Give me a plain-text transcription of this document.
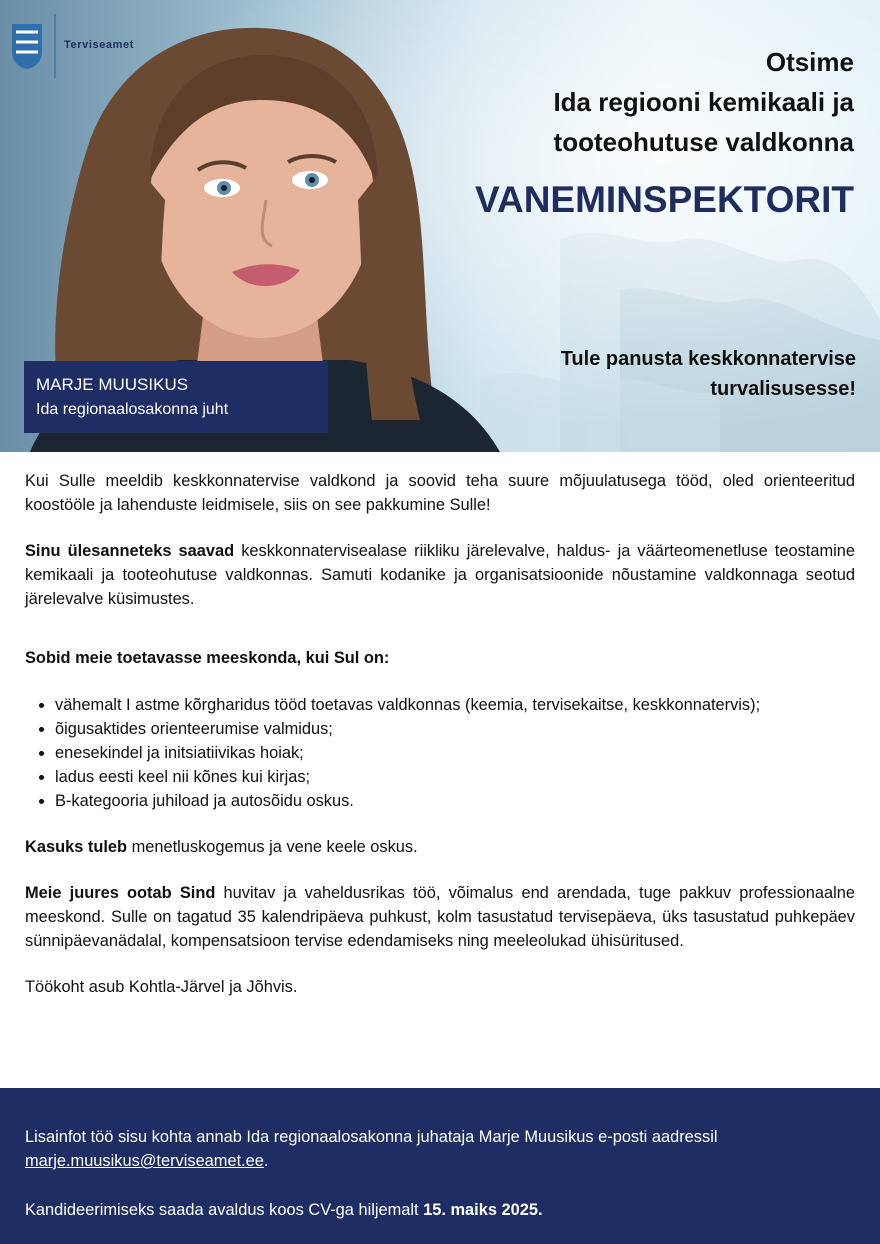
Terviseamet
Otsime
Ida regiooni kemikaali ja
tooteohutuse valdkonna
VANEMINSPEKTORIT
Tule panusta keskkonnatervise
turvalisusesse!
MARJE MUUSIKUS
Ida regionaalosakonna juht

Kui Sulle meeldib keskkonnatervise valdkond ja soovid teha suure mõjuulatusega tööd, oled orienteeritud koostööle ja lahenduste leidmisele, siis on see pakkumine Sulle!

Sinu ülesanneteks saavad keskkonnatervisealase riikliku järelevalve, haldus- ja väärteomenetluse teostamine kemikaali ja tooteohutuse valdkonnas. Samuti kodanike ja organisatsioonide nõustamine valdkonnaga seotud järelevalve küsimustes.

Sobid meie toetavasse meeskonda, kui Sul on:

• vähemalt I astme kõrgharidus tööd toetavas valdkonnas (keemia, tervisekaitse, keskkonnatervis);
• õigusaktides orienteerumise valmidus;
• enesekindel ja initsiatiivikas hoiak;
• ladus eesti keel nii kõnes kui kirjas;
• B-kategooria juhiload ja autosõidu oskus.

Kasuks tuleb menetluskogemus ja vene keele oskus.

Meie juures ootab Sind huvitav ja vaheldusrikas töö, võimalus end arendada, tuge pakkuv professionaalne meeskond. Sulle on tagatud 35 kalendripäeva puhkust, kolm tasustatud tervisepäeva, üks tasustatud puhkepäev sünnipäevanädalal, kompensatsioon tervise edendamiseks ning meeleolukad ühisüritused.

Töökoht asub Kohtla-Järvel ja Jõhvis.

Lisainfot töö sisu kohta annab Ida regionaalosakonna juhataja Marje Muusikus e-posti aadressil marje.muusikus@terviseamet.ee.
Kandideerimiseks saada avaldus koos CV-ga hiljemalt 15. maiks 2025.
